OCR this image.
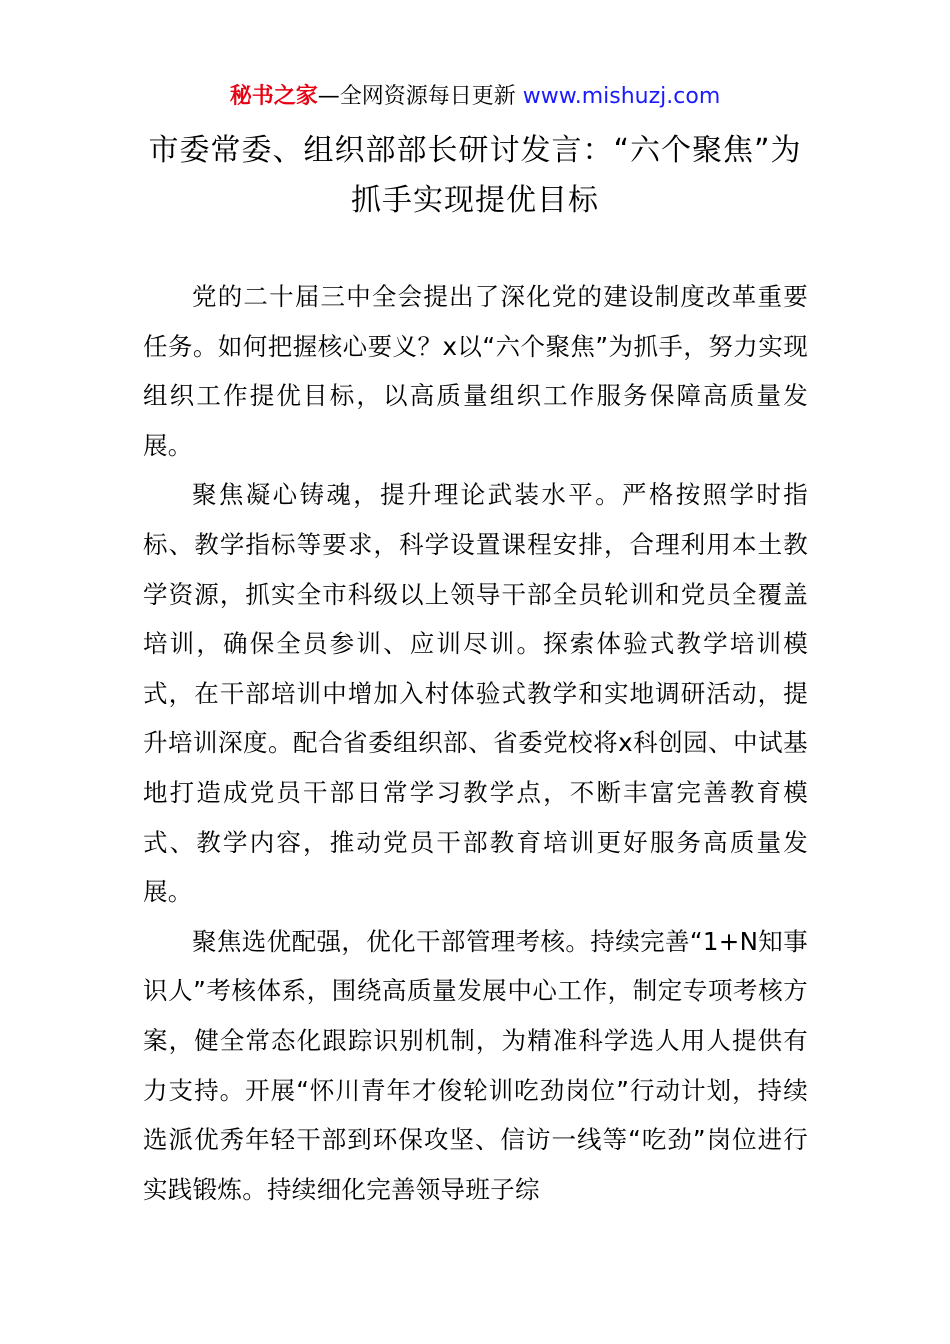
秘书之家—全网资源每日更新 www.mishuzj.com
市委常委、组织部部长研讨发言：“六个聚焦”为抓手实现提优目标

党的二十届三中全会提出了深化党的建设制度改革重要任务。如何把握核心要义？x以“六个聚焦”为抓手，努力实现组织工作提优目标，以高质量组织工作服务保障高质量发展。

聚焦凝心铸魂，提升理论武装水平。严格按照学时指标、教学指标等要求，科学设置课程安排，合理利用本土教学资源，抓实全市科级以上领导干部全员轮训和党员全覆盖培训，确保全员参训、应训尽训。探索体验式教学培训模式，在干部培训中增加入村体验式教学和实地调研活动，提升培训深度。配合省委组织部、省委党校将x科创园、中试基地打造成党员干部日常学习教学点，不断丰富完善教育模式、教学内容，推动党员干部教育培训更好服务高质量发展。

聚焦选优配强，优化干部管理考核。持续完善“1+N知事识人”考核体系，围绕高质量发展中心工作，制定专项考核方案，健全常态化跟踪识别机制，为精准科学选人用人提供有力支持。开展“怀川青年才俊轮训吃劲岗位”行动计划，持续选派优秀年轻干部到环保攻坚、信访一线等“吃劲”岗位进行实践锻炼。持续细化完善领导班子综
